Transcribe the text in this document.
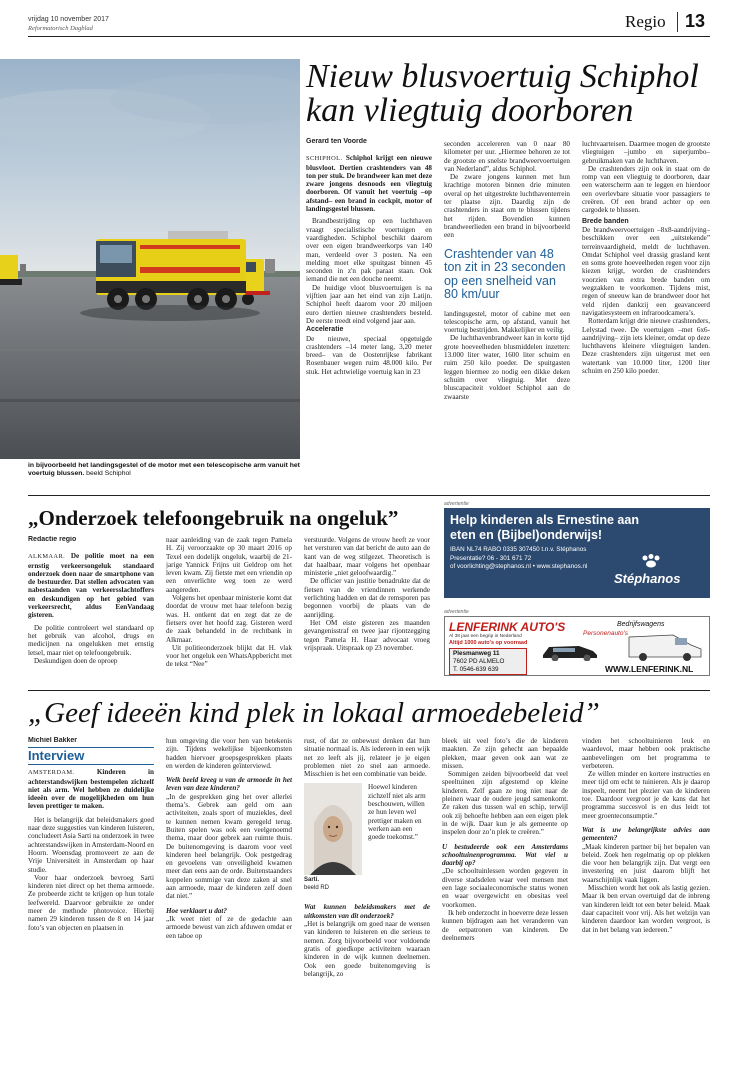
vrijdag 10 november 2017
Reformatorisch Dagblad	Regio 13
in bijvoorbeeld het landingsgestel of de motor met een telescopische arm vanuit het voertuig blussen. beeld Schiphol
Nieuw blusvoertuig Schiphol
kan vliegtuig doorboren

Gerard ten Voorde

SCHIPHOL. Schiphol krijgt een nieuwe blusvloot. Dertien crashtenders van 48 ton per stuk. De brandweer kan met deze zware jongens desnoods een vliegtuig doorboren. Of vanuit het voertuig –op afstand– een brand in cockpit, motor of landingsgestel blussen.

Brandbestrijding op een luchthaven vraagt specialistische voertuigen en vaardigheden. Schiphol beschikt daarom over een eigen brandweerkorps van 140 man, verdeeld over 3 posten. Na een melding moet elke spuitgast binnen 45 seconden in z'n pak paraat staan. Ook iemand die net een douche neemt.

De huidige vloot blusvoertuigen is na vijftien jaar aan het eind van zijn Latijn. Schiphol heeft daarom voor 20 miljoen euro dertien nieuwe crashtenders besteld. De eerste treedt eind volgend jaar aan.

Acceleratie

De nieuwe, speciaal opgetuigde crashtenders –14 meter lang, 3,20 meter breed– van de Oostenrijkse fabrikant Rosenbauer wegen ruim 48.000 kilo. Per stuk. Het achtwielige voertuig kan in 23

seconden accelereren van 0 naar 80 kilometer per uur. „Hiermee behoren ze tot de grootste en snelste brandweervoertuigen van Nederland”, aldus Schiphol.

De zware jongens kunnen met hun krachtige motoren binnen drie minuten overal op het uitgestrekte luchthaventerrein ter plaatse zijn. Daardig zijn de crashtenders in staat om te blussen tijdens het rijden. Bovendien kunnen brandweerlieden een brand in bijvoorbeeld een

Crashtender van 48 ton zit in 23 seconden op een snelheid van 80 km/uur

landingsgestel, motor of cabine met een telescopische arm, op afstand, vanuit het voertuig bestrijden. Makkelijker en veilig.

De luchthavenbrandweer kan in korte tijd grote hoeveelheden blusmiddelen inzetten: 13.000 liter water, 1600 liter schuim en ruim 250 kilo poeder. De spuitgasten leggen hiermee zo nodig een dikke deken schuim over vliegtuig. Met deze bluscapaciteit voldoet Schiphol aan de zwaarste

luchtvaarteisen. Daarmee mogen de grootste vliegtuigen –jumbo en superjumbo– gebruikmaken van de luchthaven.

De crashtenders zijn ook in staat om de romp van een vliegtuig te doorboren, daar een waterscherm aan te leggen en hierdoor een overlevbare situatie voor passagiers te creëren. Of een brand achter op een cargodek te blussen.

Brede banden

De brandweervoertuigen –8x8-aandrijving– beschikken over een „uitstekende” terreinvaardigheid, meldt de luchthaven. Omdat Schiphol veel drassig grasland kent en soms grote hoeveelheden regen voor zijn kiezen krijgt, worden de crashtenders voorzien van extra brede banden om wegzakken te voorkomen. Tijdens mist, regen of sneeuw kan de brandweer door het veld rijden dankzij een geavanceerd navigatiesysteem en infraroodcamera’s.

Rotterdam krijgt drie nieuwe crashtenders, Lelystad twee. De voertuigen –met 6x6-aandrijving– zijn iets kleiner, omdat op deze luchthavens kleinere vliegtuigen landen. Deze crashtenders zijn uitgerust met een watertank van 10.000 liter, 1200 liter schuim en 250 kilo poeder.

„Onderzoek telefoongebruik na ongeluk”

Redactie regio

ALKMAAR. De politie moet na een ernstig verkeersongeluk standaard onderzoek doen naar de smartphone van de bestuurder. Dat stellen advocaten van nabestaanden van verkeersslachtoffers en deskundigen op het gebied van verkeersrecht, aldus EenVandaag gisteren.

De politie controleert wel standaard op het gebruik van alcohol, drugs en medicijnen na ongelukken met ernstig letsel, maar niet op telefoongebruik.

Deskundigen doen de oproep

naar aanleiding van de zaak tegen Pamela H. Zij veroorzaakte op 30 maart 2016 op Texel een dodelijk ongeluk, waarbij de 21-jarige Yannick Frijns uit Geldrop om het leven kwam. Zij fietste met een vriendin op een onverlichte weg toen ze werd aangereden.

Volgens het openbaar ministerie komt dat doordat de vrouw met haar telefoon bezig was. H. ontkent dat en zegt dat ze de fietsers over het hoofd zag. Gisteren werd de zaak behandeld in de rechtbank in Alkmaar.

Uit politieonderzoek blijkt dat H. vlak voor het ongeluk een WhatsAppbericht met de tekst “Nee”

verstuurde. Volgens de vrouw heeft ze voor het versturen van dat bericht de auto aan de kant van de weg stilgezet. Theoretisch is dat haalbaar, maar volgens het openbaar ministerie „niet geloofwaardig.”

De officier van justitie benadrukte dat de fietsen van de vriendinnen werkende verlichting hadden en dat de remsporen pas begonnen voorbij de plaats van de aanrijding.

Het OM eiste gisteren zes maanden gevangenisstraf en twee jaar rijontzegging tegen Pamela H. Haar advocaat vroeg vrijspraak. Uitspraak op 23 november.

advertentie
Help kinderen als Ernestine aan
eten en (Bijbel)onderwijs!
IBAN NL74 RABO 0335 307450 t.n.v. Stéphanos
Presentatie? 06 - 301 671 72
of voorlichting@stephanos.nl • www.stephanos.nl
Stéphanos
advertentie
LENFERINK AUTO'S
Al 38 jaar een begrip in Nederland
Altijd 1000 auto's op voorraad
Plesmanweg 11
7602 PD ALMELO
T. 0546-639 639
Bedrijfswagens
Personenauto's
WWW.LENFERINK.NL
„Geef ideeën kind plek in lokaal armoedebeleid”

Michiel Bakker

Interview

AMSTERDAM.	Kinderen in achterstandswijken bestempelen zichzelf niet als arm. Wel hebben ze duidelijke ideeën over de mogelijkheden om hun leven prettiger te maken.

Het is belangrijk dat beleidsmakers goed naar deze suggesties van kinderen luisteren, concludeert Asia Sarti na onderzoek in twee achterstandswijken in Amsterdam-Noord en Hoorn. Woensdag promoveert ze aan de Vrije Universiteit in Amsterdam op haar studie.

Voor haar onderzoek bevroeg Sarti kinderen niet direct op het thema armoede. Ze probeerde zicht te krijgen op hun totale leefwereld. Daarvoor gebruikte ze onder meer de methode photovoice. Hierbij namen 29 kinderen tussen de 8 en 14 jaar foto’s van objecten en plaatsen in

hun omgeving die voor hen van betekenis zijn. Tijdens wekelijkse bijeenkomsten hadden hiervoer groepsgesprekken plaats en werden de kinderen geïnterviewd.

Welk beeld kreeg u van de armoede in het leven van deze kinderen?

„In de gesprekken ging het over allerlei thema’s. Gebrek aan geld om aan activiteiten, zoals sport of muziekles, deel te kunnen nemen kwam geregeld terug. Buiten spelen was ook een veelgenoemd thema, maar door gebrek aan ruimte thuis. De buitenomgeving is daarom voor veel kinderen heel belangrijk. Ook pestgedrag en gevoelens van onveiligheid kwamen meer dan eens aan de orde. Buitenstaanders koppelen sommige van deze zaken al snel aan armoede, maar de kinderen zelf doen dat niet.”

Hoe verklaart u dat?

„Ik weet niet of ze de gedachte aan armoede bewust van zich afduwen omdat er een taboe op

rust, of dat ze onbewust denken dat hun situatie normaal is. Als iedereen in een wijk net zo leeft als jij, relateer je je eigen problemen niet zo snel aan armoede. Misschien is het een combinatie van beide.

Sarti.
beeld RD
Hoewel kinderen zichzelf niet als arm beschouwen, willen ze hun leven wel prettiger maken en werken aan een goede toekomst.”

Wat kunnen beleidsmakers met de uitkomsten van dit onderzoek?

„Het is belangrijk om goed naar de wensen van kinderen te luisteren en die serieus te nemen. Zorg bijvoorbeeld voor voldoende gratis of goedkope activiteiten waaraan kinderen in de wijk kunnen deelnemen. Ook een goede buitenomgeving is belangrijk, zo

bleek uit veel foto’s die de kinderen maakten. Ze zijn gehecht aan bepaalde plekken, maar geven ook aan wat ze missen.

Sommigen zeiden bijvoorbeeld dat veel speeltuinen zijn afgestemd op kleine kinderen. Zelf gaan ze nog niet naar de pleinen waar de oudere jeugd samenkomt. Ze raken dus tussen wal en schip, terwijl ook zij behoefte hebben aan een eigen plek in de wijk. Daar kun je als gemeente op inspelen door zo’n plek te creëren.”

U bestudeerde ook een Amsterdams schooltuinenprogramma. Wat viel u daarbij op?

„De schooltuinlessen worden gegeven in diverse stadsdelen waar veel mensen met een lage sociaaleconomische status wonen en waar overgewicht en obesitas veel voorkomen.

Ik heb onderzocht in hoeverre deze lessen kunnen bijdragen aan het veranderen van de eetpatronen van kinderen. De deelnemers

vinden het schooltuinieren leuk en waardevol, maar hebben ook praktische aanbevelingen om het programma te verbeteren.

Ze willen minder en kortere instructies en meer tijd om echt te tuinieren. Als je daarop inspeelt, neemt het plezier van de kinderen toe. Daardoor vergroot je de kans dat het programma succesvol is en dus leidt tot meer groenteconsumptie.”

Wat is uw belangrijkste advies aan gemeenten?

„Maak kinderen partner bij het bepalen van beleid. Zoek hen regelmatig op op plekken die voor hen belangrijk zijn. Dat vergt een investering en juist daarom blijft het waarschijnlijk vaak liggen.

Misschien wordt het ook als lastig gezien. Maar ik ben ervan overtuigd dat de inbreng van kinderen leidt tot een beter beleid. Maak daar capaciteit voor vrij. Als het welzijn van kinderen daardoor kan worden vergroot, is dat in het belang van iedereen.”
